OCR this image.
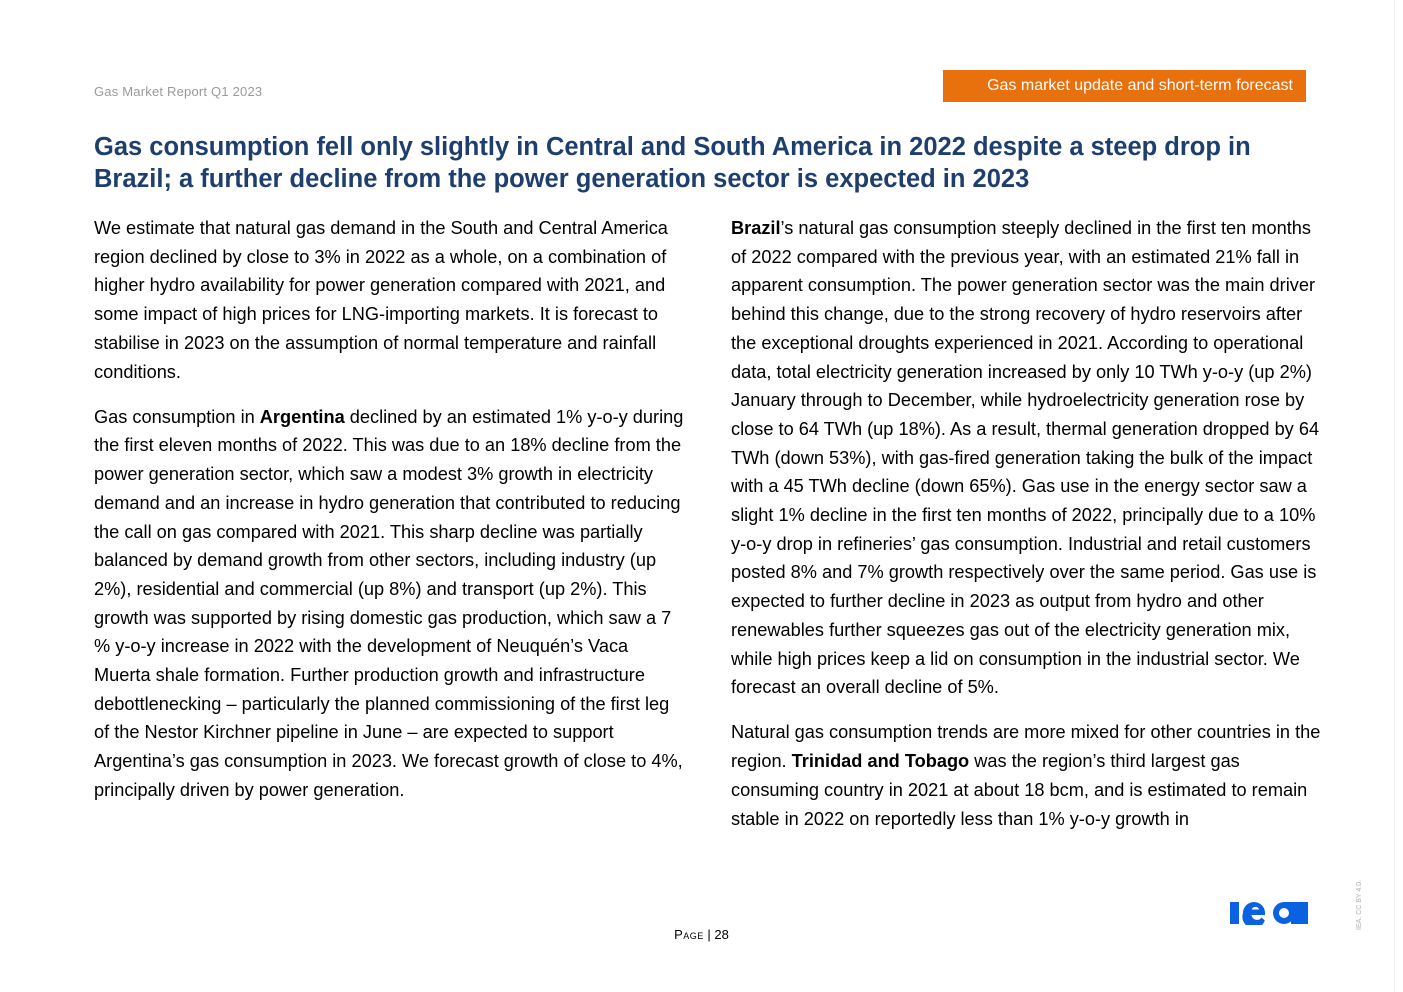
Gas Market Report Q1 2023	Gas market update and short-term forecast
Gas consumption fell only slightly in Central and South America in 2022 despite a steep drop in Brazil; a further decline from the power generation sector is expected in 2023

We estimate that natural gas demand in the South and Central America region declined by close to 3% in 2022 as a whole, on a combination of higher hydro availability for power generation compared with 2021, and some impact of high prices for LNG-importing markets. It is forecast to stabilise in 2023 on the assumption of normal temperature and rainfall conditions.

Gas consumption in Argentina declined by an estimated 1% y-o-y during the first eleven months of 2022. This was due to an 18% decline from the power generation sector, which saw a modest 3% growth in electricity demand and an increase in hydro generation that contributed to reducing the call on gas compared with 2021. This sharp decline was partially balanced by demand growth from other sectors, including industry (up 2%), residential and commercial (up 8%) and transport (up 2%). This growth was supported by rising domestic gas production, which saw a 7 % y-o-y increase in 2022 with the development of Neuquén’s Vaca Muerta shale formation. Further production growth and infrastructure debottlenecking – particularly the planned commissioning of the first leg of the Nestor Kirchner pipeline in June – are expected to support Argentina’s gas consumption in 2023. We forecast growth of close to 4%, principally driven by power generation.

Brazil’s natural gas consumption steeply declined in the first ten months of 2022 compared with the previous year, with an estimated 21% fall in apparent consumption. The power generation sector was the main driver behind this change, due to the strong recovery of hydro reservoirs after the exceptional droughts experienced in 2021. According to operational data, total electricity generation increased by only 10 TWh y-o-y (up 2%) January through to December, while hydroelectricity generation rose by close to 64 TWh (up 18%). As a result, thermal generation dropped by 64 TWh (down 53%), with gas-fired generation taking the bulk of the impact with a 45 TWh decline (down 65%). Gas use in the energy sector saw a slight 1% decline in the first ten months of 2022, principally due to a 10% y-o-y drop in refineries’ gas consumption. Industrial and retail customers posted 8% and 7% growth respectively over the same period. Gas use is expected to further decline in 2023 as output from hydro and other renewables further squeezes gas out of the electricity generation mix, while high prices keep a lid on consumption in the industrial sector. We forecast an overall decline of 5%.

Natural gas consumption trends are more mixed for other countries in the region. Trinidad and Tobago was the region’s third largest gas consuming country in 2021 at about 18 bcm, and is estimated to remain stable in 2022 on reportedly less than 1% y-o-y growth in

Page | 28
IEA. CC BY 4.0.
